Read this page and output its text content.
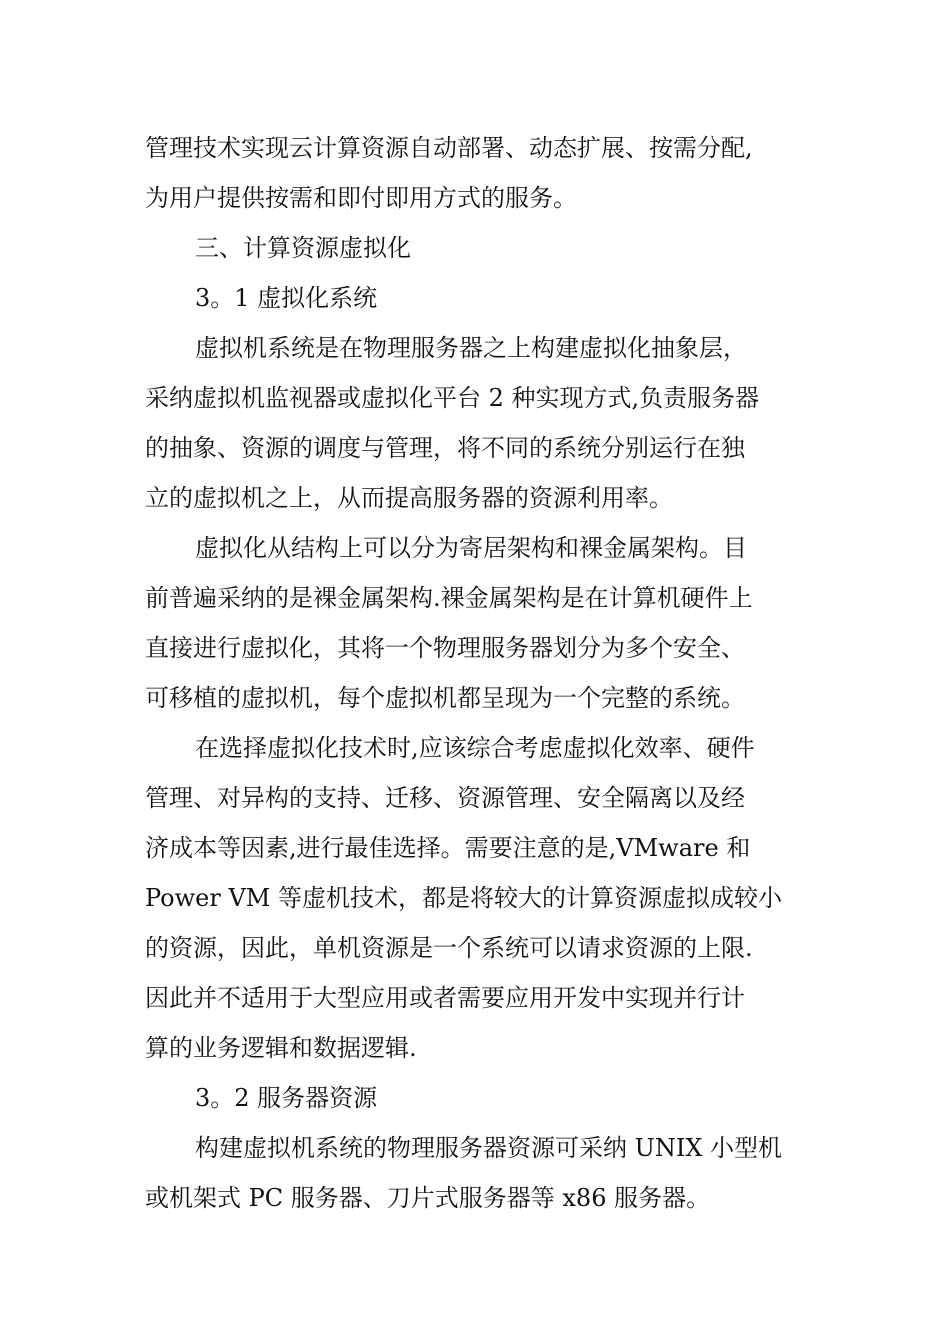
管理技术实现云计算资源自动部署、动态扩展、按需分配,
为用户提供按需和即付即用方式的服务。
三、计算资源虚拟化
3。1 虚拟化系统
虚拟机系统是在物理服务器之上构建虚拟化抽象层，
采纳虚拟机监视器或虚拟化平台 2 种实现方式,负责服务器
的抽象、资源的调度与管理，将不同的系统分别运行在独
立的虚拟机之上，从而提高服务器的资源利用率。
虚拟化从结构上可以分为寄居架构和裸金属架构。目
前普遍采纳的是裸金属架构.裸金属架构是在计算机硬件上
直接进行虚拟化，其将一个物理服务器划分为多个安全、
可移植的虚拟机，每个虚拟机都呈现为一个完整的系统。
在选择虚拟化技术时,应该综合考虑虚拟化效率、硬件
管理、对异构的支持、迁移、资源管理、安全隔离以及经
济成本等因素,进行最佳选择。需要注意的是,VMware 和
Power VM 等虚机技术，都是将较大的计算资源虚拟成较小
的资源，因此，单机资源是一个系统可以请求资源的上限.
因此并不适用于大型应用或者需要应用开发中实现并行计
算的业务逻辑和数据逻辑.
3。2 服务器资源
构建虚拟机系统的物理服务器资源可采纳 UNIX 小型机
或机架式 PC 服务器、刀片式服务器等 x86 服务器。
